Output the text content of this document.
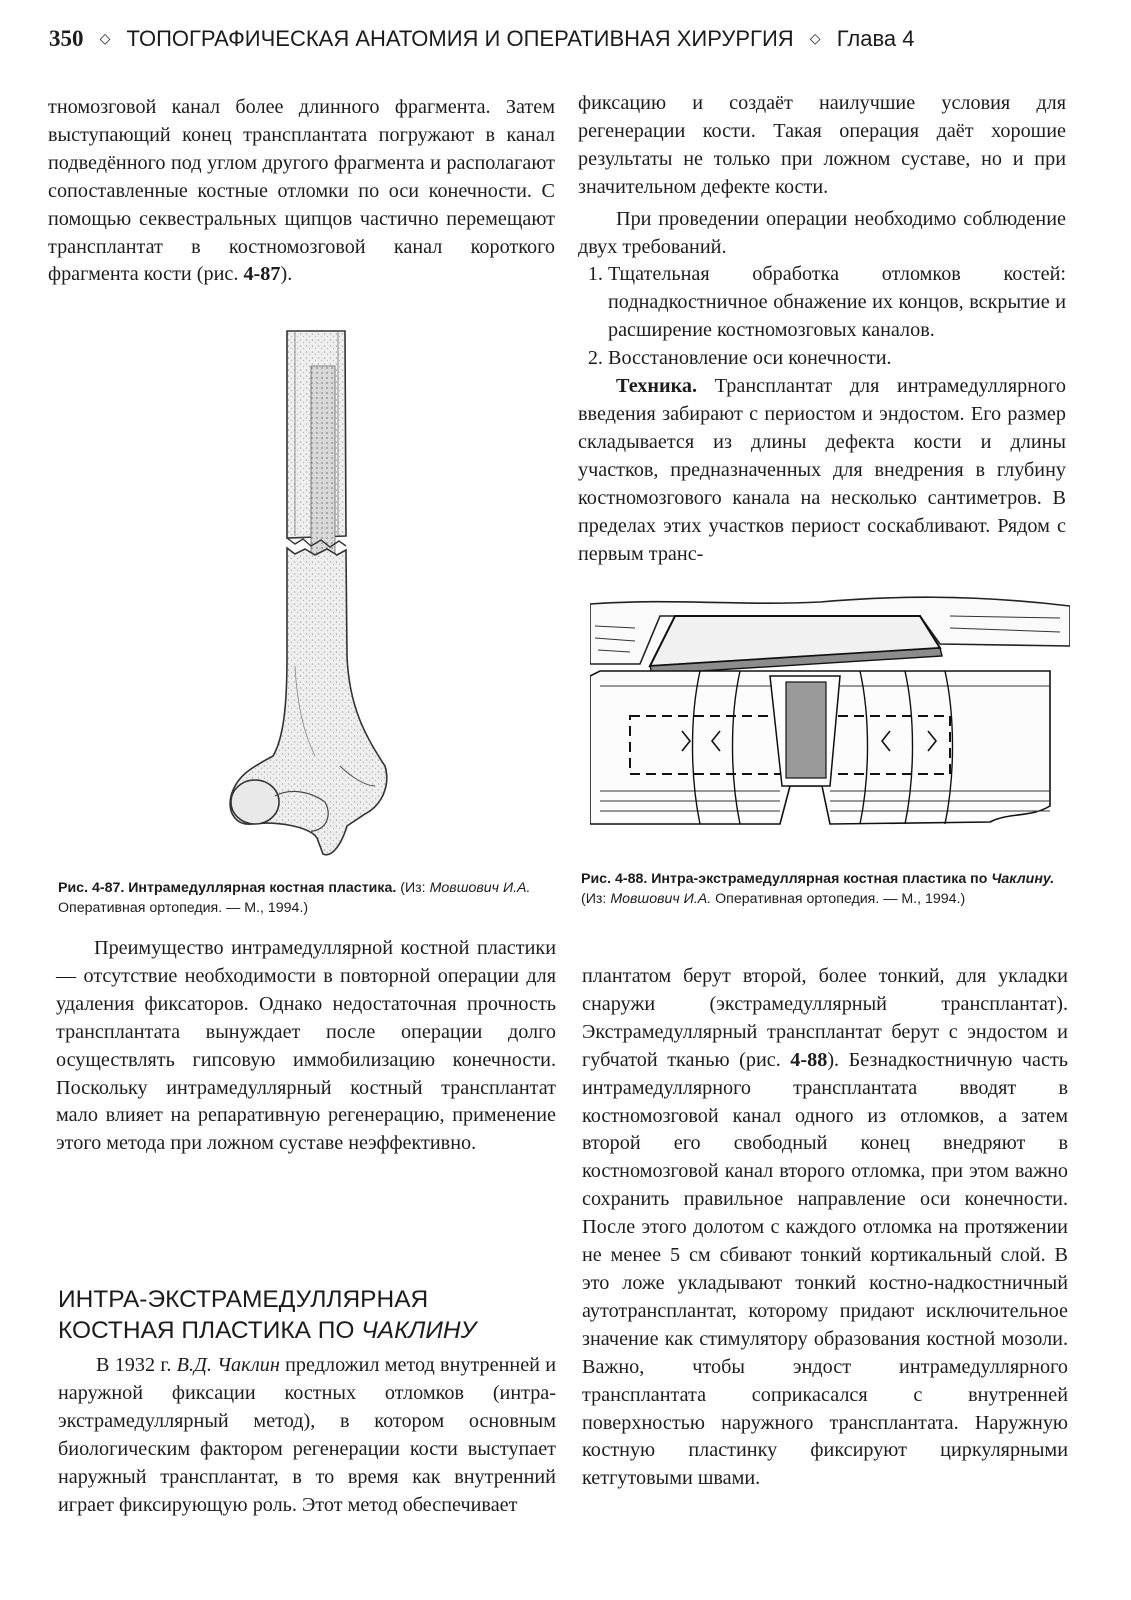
350 ◇ ТОПОГРАФИЧЕСКАЯ АНАТОМИЯ И ОПЕРАТИВНАЯ ХИРУРГИЯ ◇ Глава 4

тномозговой канал более длинного фрагмента. Затем выступающий конец трансплантата погружают в канал подведённого под углом другого фрагмента и располагают сопоставленные костные отломки по оси конечности. С помощью секвестральных щипцов частично перемещают трансплантат в костномозговой канал короткого фрагмента кости (рис. 4-87).

Рис. 4-87. Интрамедуллярная костная пластика. (Из: Мовшович И.А. Оперативная ортопедия. — М., 1994.)

Преимущество интрамедуллярной костной пластики — отсутствие необходимости в повторной операции для удаления фиксаторов. Однако недостаточная прочность трансплантата вынуждает после операции долго осуществлять гипсовую иммобилизацию конечности. Поскольку интрамедуллярный костный трансплантат мало влияет на репаративную регенерацию, применение этого метода при ложном суставе неэффективно.

ИНТРА-ЭКСТРАМЕДУЛЛЯРНАЯ
КОСТНАЯ ПЛАСТИКА ПО ЧАКЛИНУ

В 1932 г. В.Д. Чаклин предложил метод внутренней и наружной фиксации костных отломков (интра-экстрамедуллярный метод), в котором основным биологическим фактором регенерации кости выступает наружный трансплантат, в то время как внутренний играет фиксирующую роль. Этот метод обеспечивает

фиксацию и создаёт наилучшие условия для регенерации кости. Такая операция даёт хорошие результаты не только при ложном суставе, но и при значительном дефекте кости.

При проведении операции необходимо соблюдение двух требований.

1. Тщательная обработка отломков костей: поднадкостничное обнажение их концов, вскрытие и расширение костномозговых каналов.
2. Восстановление оси конечности.

Техника. Трансплантат для интрамедуллярного введения забирают с периостом и эндостом. Его размер складывается из длины дефекта кости и длины участков, предназначенных для внедрения в глубину костномозгового канала на несколько сантиметров. В пределах этих участков периост соскабливают. Рядом с первым транс-

Рис. 4-88. Интра-экстрамедуллярная костная пластика по Чаклину. (Из: Мовшович И.А. Оперативная ортопедия. — М., 1994.)

плантатом берут второй, более тонкий, для укладки снаружи (экстрамедуллярный трансплантат). Экстрамедуллярный трансплантат берут с эндостом и губчатой тканью (рис. 4-88). Безнадкостничную часть интрамедуллярного трансплантата вводят в костномозговой канал одного из отломков, а затем второй его свободный конец внедряют в костномозговой канал второго отломка, при этом важно сохранить правильное направление оси конечности. После этого долотом с каждого отломка на протяжении не менее 5 см сбивают тонкий кортикальный слой. В это ложе укладывают тонкий костно-надкостничный аутотрансплантат, которому придают исключительное значение как стимулятору образования костной мозоли. Важно, чтобы эндост интрамедуллярного трансплантата соприкасался с внутренней поверхностью наружного трансплантата. Наружную костную пластинку фиксируют циркулярными кетгутовыми швами.
